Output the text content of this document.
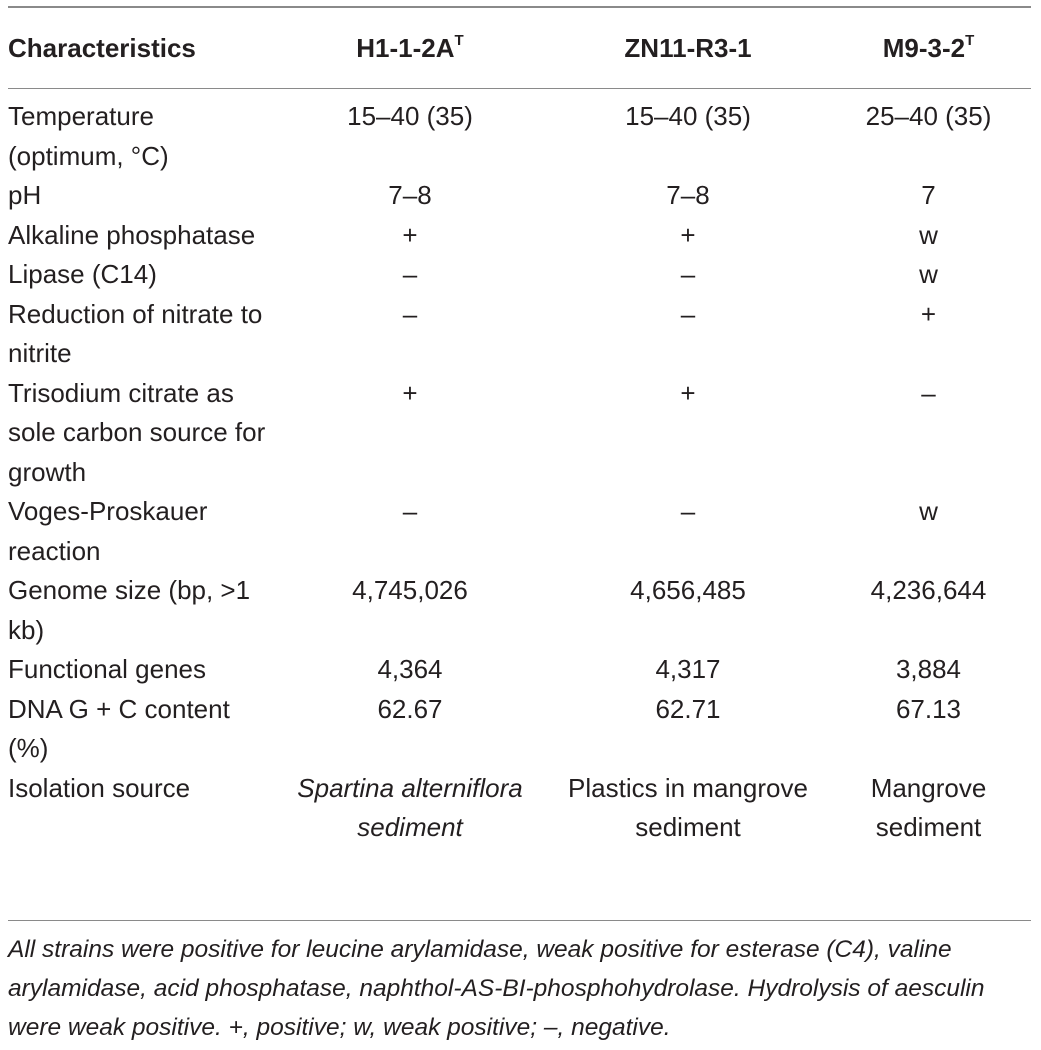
Characteristics	$H1-1-2A^T$	ZN11-R3-1	$M9-3-2^T$

Temperature (optimum, °C)	15–40 (35)	15–40 (35)	25–40 (35)
pH	7–8	7–8	7
Alkaline phosphatase	+	+	w
Lipase (C14)	–	–	w
Reduction of nitrate to nitrite	–	–	+
Trisodium citrate as sole carbon source for growth	+	+	–
Voges-Proskauer reaction	–	–	w
Genome size (bp, >1 kb)	4,745,026	4,656,485	4,236,644
Functional genes	4,364	4,317	3,884
DNA G + C content (%)	62.67	62.71	67.13
Isolation source	Spartina alterniflora sediment	Plastics in mangrove sediment	Mangrove sediment
All strains were positive for leucine arylamidase, weak positive for esterase (C4), valine arylamidase, acid phosphatase, naphthol-AS-BI-phosphohydrolase. Hydrolysis of aesculin were weak positive. +, positive; w, weak positive; –, negative.
